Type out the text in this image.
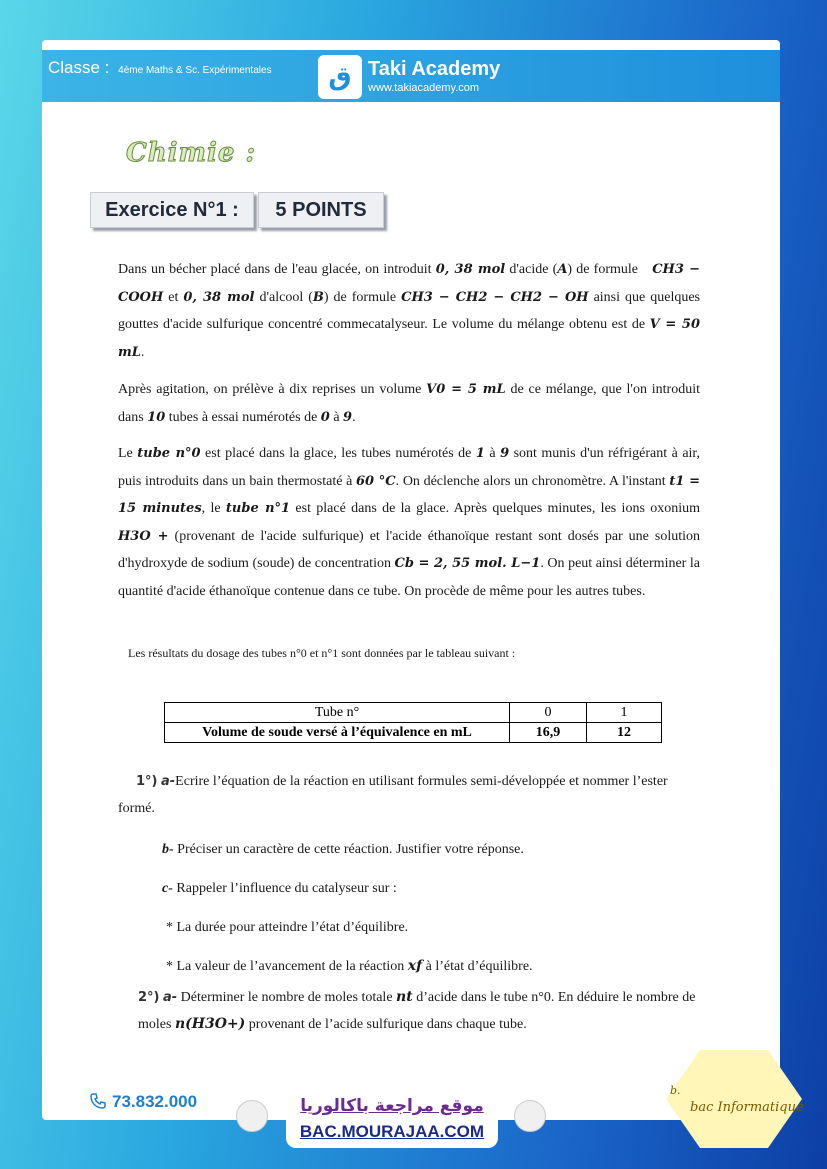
Classe : 4ème Maths & Sc. Expérimentales	ق Taki Academy
www.takiacademy.com
Chimie :
Exercice N°1 :	5 POINTS
Dans un bécher placé dans de l'eau glacée, on introduit 0, 38 mol d'acide (A) de formule CH3 − COOH et 0, 38 mol d'alcool (B) de formule CH3 − CH2 − CH2 − OH ainsi que quelques gouttes d'acide sulfurique concentré commecatalyseur. Le volume du mélange obtenu est de V = 50 mL.
Après agitation, on prélève à dix reprises un volume V0 = 5 mL de ce mélange, que l'on introduit dans 10 tubes à essai numérotés de 0 à 9.
Le tube n°0 est placé dans la glace, les tubes numérotés de 1 à 9 sont munis d'un réfrigérant à air, puis introduits dans un bain thermostaté à 60 °C. On déclenche alors un chronomètre. A l'instant t1 = 15 minutes, le tube n°1 est placé dans de la glace. Après quelques minutes, les ions oxonium H3O + (provenant de l'acide sulfurique) et l'acide éthanoïque restant sont dosés par une solution d'hydroxyde de sodium (soude) de concentration Cb = 2, 55 mol. L−1. On peut ainsi déterminer la quantité d'acide éthanoïque contenue dans ce tube. On procède de même pour les autres tubes.
Les résultats du dosage des tubes n°0 et n°1 sont données par le tableau suivant :
Tube n°	0	1
Volume de soude versé à l’équivalence en mL	16,9	12
1°) a-Ecrire l’équation de la réaction en utilisant formules semi-développée et nommer l’ester formé.
b- Préciser un caractère de cette réaction. Justifier votre réponse.
c- Rappeler l’influence du catalyseur sur :
* La durée pour atteindre l’état d’équilibre.
* La valeur de l’avancement de la réaction xf à l’état d’équilibre.
2°) a- Déterminer le nombre de moles totale nt d’acide dans le tube n°0. En déduire le nombre de moles n(H3O+) provenant de l’acide sulfurique dans chaque tube.
73.832.000	موقع مراجعة باكالوريا
BAC.MOURAJAA.COM
b.
bac Informatique
